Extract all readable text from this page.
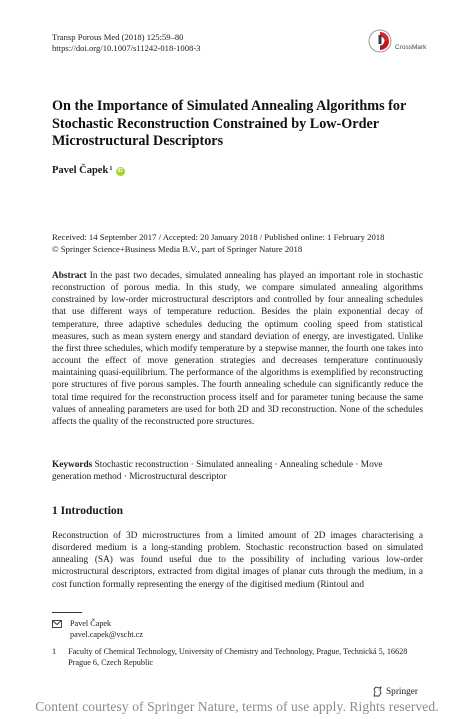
Transp Porous Med (2018) 125:59–80
https://doi.org/10.1007/s11242-018-1008-3	CrossMark
On the Importance of Simulated Annealing Algorithms for Stochastic Reconstruction Constrained by Low-Order Microstructural Descriptors
Pavel Čapek 1 iD
Received: 14 September 2017 / Accepted: 20 January 2018 / Published online: 1 February 2018
© Springer Science+Business Media B.V., part of Springer Nature 2018
Abstract In the past two decades, simulated annealing has played an important role in stochastic reconstruction of porous media. In this study, we compare simulated annealing algorithms constrained by low-order microstructural descriptors and controlled by four annealing schedules that use different ways of temperature reduction. Besides the plain exponential decay of temperature, three adaptive schedules deducing the optimum cooling speed from statistical measures, such as mean system energy and standard deviation of energy, are investigated. Unlike the first three schedules, which modify temperature by a stepwise manner, the fourth one takes into account the effect of move generation strategies and decreases temperature continuously maintaining quasi-equilibrium. The performance of the algorithms is exemplified by reconstructing pore structures of five porous samples. The fourth annealing schedule can significantly reduce the total time required for the reconstruction process itself and for parameter tuning because the same values of annealing parameters are used for both 2D and 3D reconstruction. None of the schedules affects the quality of the reconstructed pore structures.
Keywords Stochastic reconstruction · Simulated annealing · Annealing schedule · Move generation method · Microstructural descriptor
1 Introduction
Reconstruction of 3D microstructures from a limited amount of 2D images characterising a disordered medium is a long-standing problem. Stochastic reconstruction based on simulated annealing (SA) was found useful due to the possibility of including various low-order microstructural descriptors, extracted from digital images of planar cuts through the medium, in a cost function formally representing the energy of the digitised medium (Rintoul and
Pavel Čapek
pavel.capek@vscht.cz
1 Faculty of Chemical Technology, University of Chemistry and Technology, Prague, Technická 5, 16628 Prague 6, Czech Republic
Springer
Content courtesy of Springer Nature, terms of use apply. Rights reserved.
